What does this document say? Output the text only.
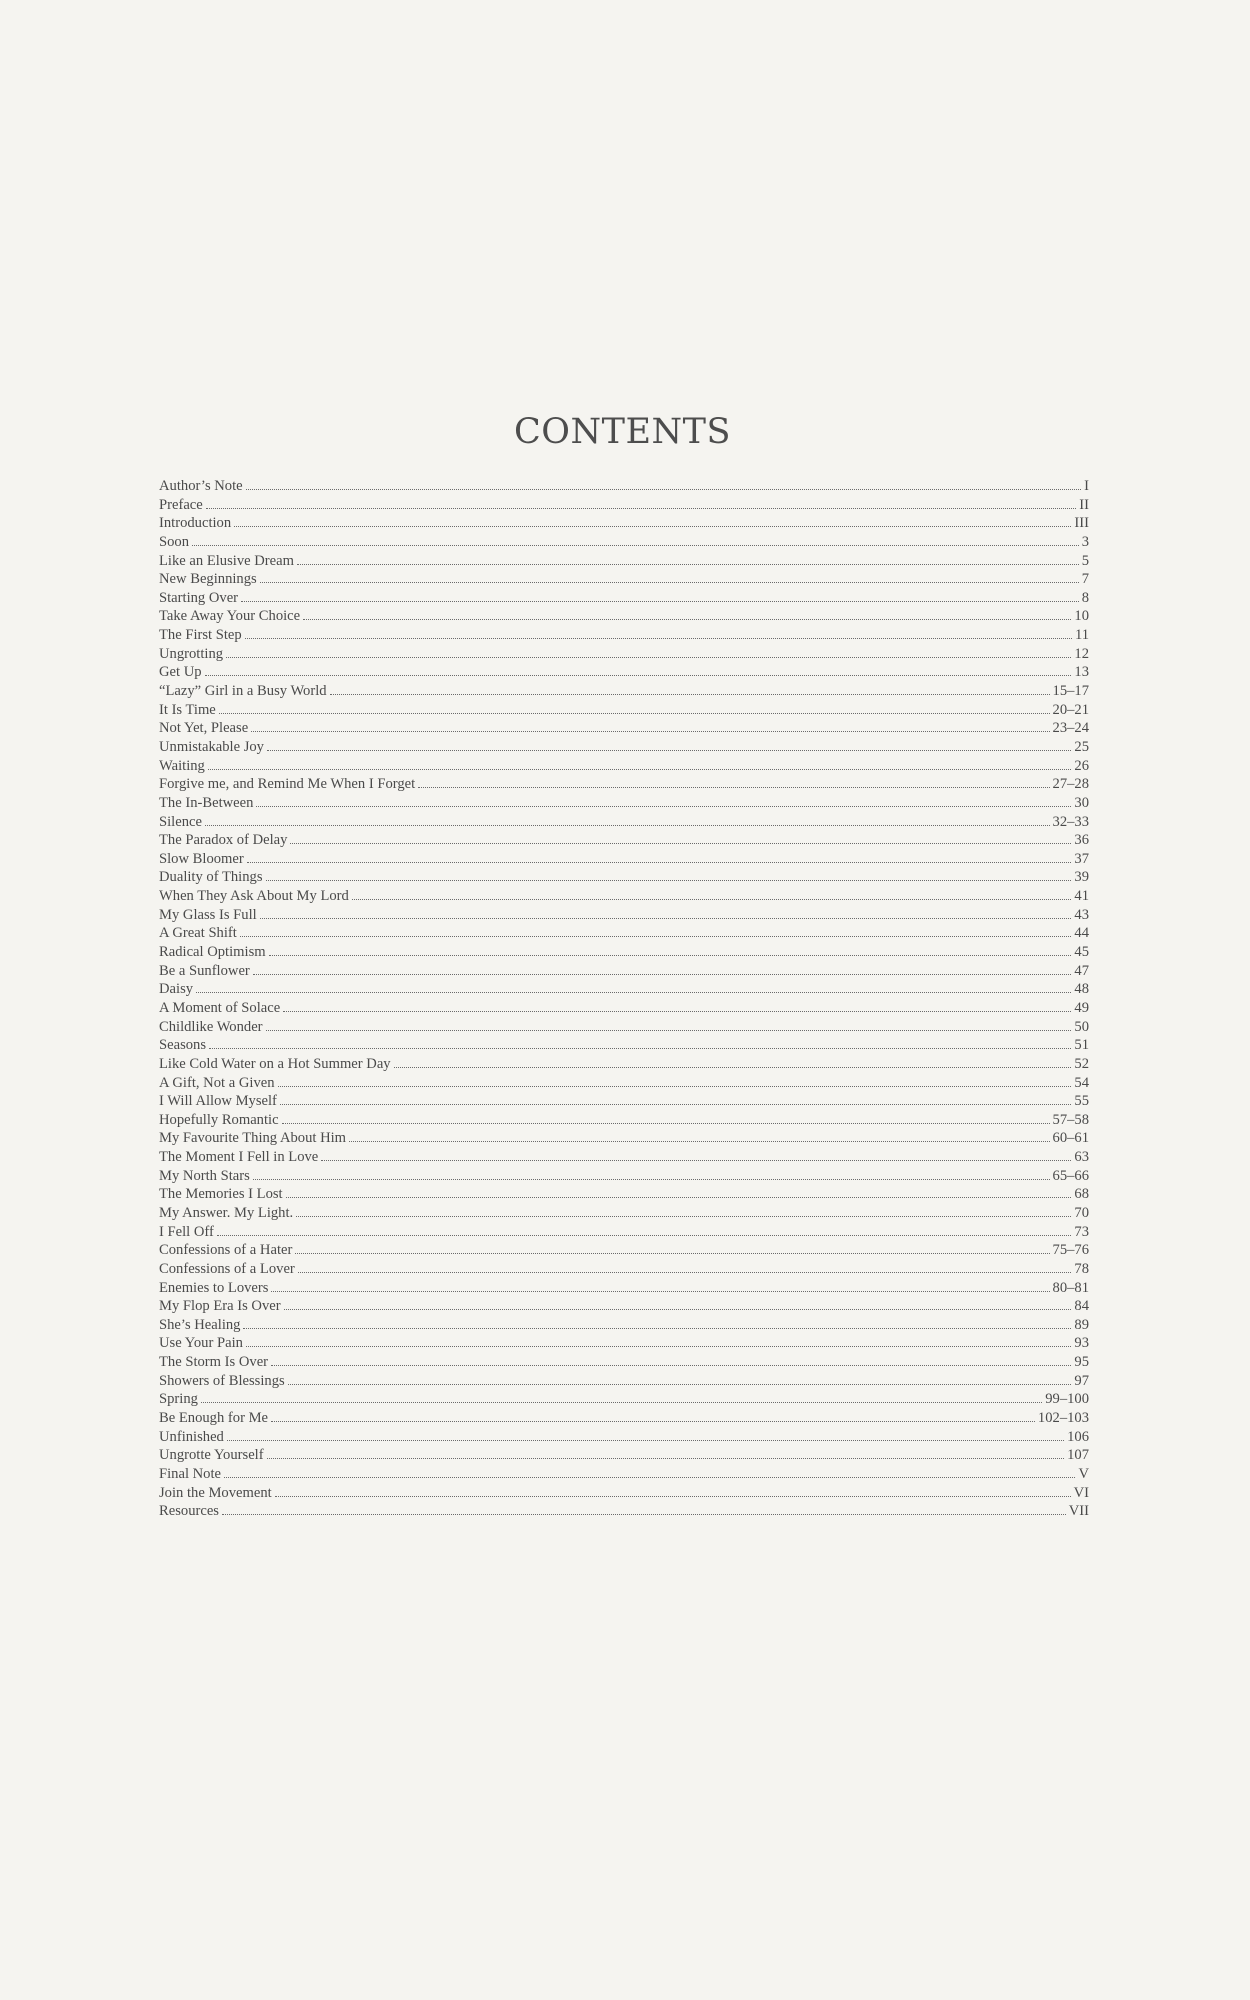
CONTENTS
Author’s Note	I
Preface	II
Introduction	III
Soon	3
Like an Elusive Dream	5
New Beginnings	7
Starting Over	8
Take Away Your Choice	10
The First Step	11
Ungrotting	12
Get Up	13
“Lazy” Girl in a Busy World	15–17
It Is Time	20–21
Not Yet, Please	23–24
Unmistakable Joy	25
Waiting	26
Forgive me, and Remind Me When I Forget	27–28
The In-Between	30
Silence	32–33
The Paradox of Delay	36
Slow Bloomer	37
Duality of Things	39
When They Ask About My Lord	41
My Glass Is Full	43
A Great Shift	44
Radical Optimism	45
Be a Sunflower	47
Daisy	48
A Moment of Solace	49
Childlike Wonder	50
Seasons	51
Like Cold Water on a Hot Summer Day	52
A Gift, Not a Given	54
I Will Allow Myself	55
Hopefully Romantic	57–58
My Favourite Thing About Him	60–61
The Moment I Fell in Love	63
My North Stars	65–66
The Memories I Lost	68
My Answer. My Light.	70
I Fell Off	73
Confessions of a Hater	75–76
Confessions of a Lover	78
Enemies to Lovers	80–81
My Flop Era Is Over	84
She’s Healing	89
Use Your Pain	93
The Storm Is Over	95
Showers of Blessings	97
Spring	99–100
Be Enough for Me	102–103
Unfinished	106
Ungrotte Yourself	107
Final Note	V
Join the Movement	VI
Resources	VII
